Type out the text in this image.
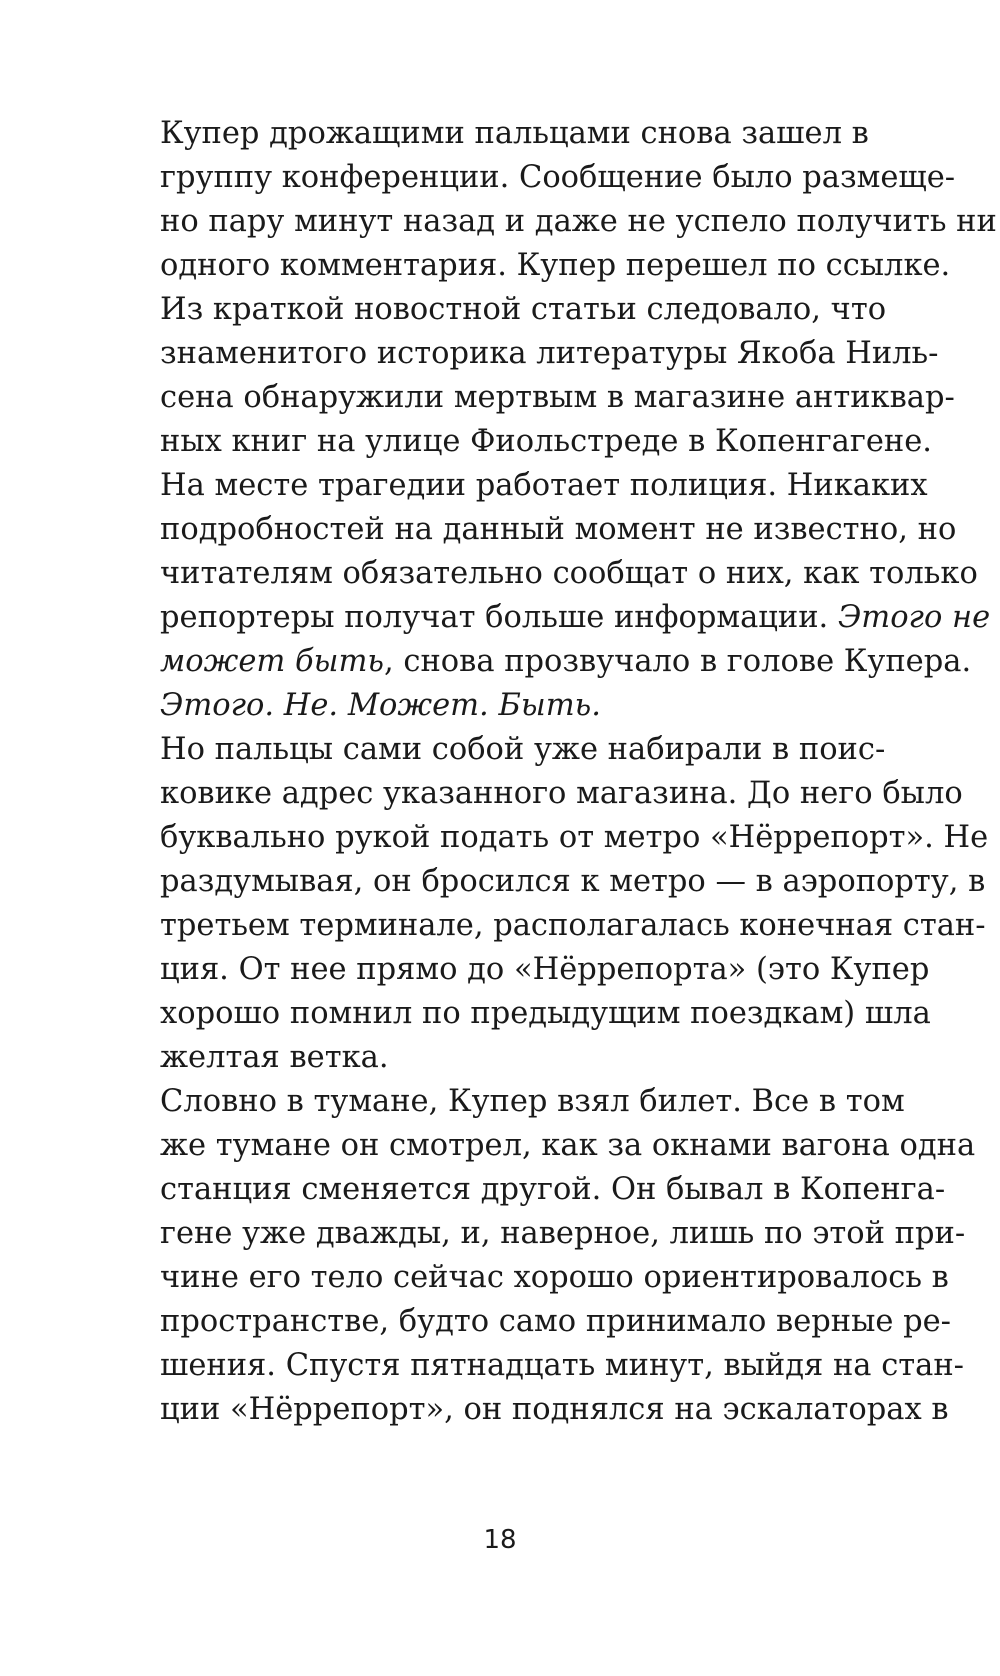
Купер дрожащими пальцами снова зашел в
группу конференции. Сообщение было размеще-
но пару минут назад и даже не успело получить ни
одного комментария. Купер перешел по ссылке.
Из краткой новостной статьи следовало, что
знаменитого историка литературы Якоба Ниль-
сена обнаружили мертвым в магазине антиквар-
ных книг на улице Фиольстреде в Копенгагене.
На месте трагедии работает полиция. Никаких
подробностей на данный момент не известно, но
читателям обязательно сообщат о них, как только
репортеры получат больше информации. Этого не
может быть, снова прозвучало в голове Купера.
Этого. Не. Может. Быть.
Но пальцы сами собой уже набирали в поис-
ковике адрес указанного магазина. До него было
буквально рукой подать от метро «Нёррепорт». Не
раздумывая, он бросился к метро — в аэропорту, в
третьем терминале, располагалась конечная стан-
ция. От нее прямо до «Нёррепорта» (это Купер
хорошо помнил по предыдущим поездкам) шла
желтая ветка.
Словно в тумане, Купер взял билет. Все в том
же тумане он смотрел, как за окнами вагона одна
станция сменяется другой. Он бывал в Копенга-
гене уже дважды, и, наверное, лишь по этой при-
чине его тело сейчас хорошо ориентировалось в
пространстве, будто само принимало верные ре-
шения. Спустя пятнадцать минут, выйдя на стан-
ции «Нёррепорт», он поднялся на эскалаторах в
18
